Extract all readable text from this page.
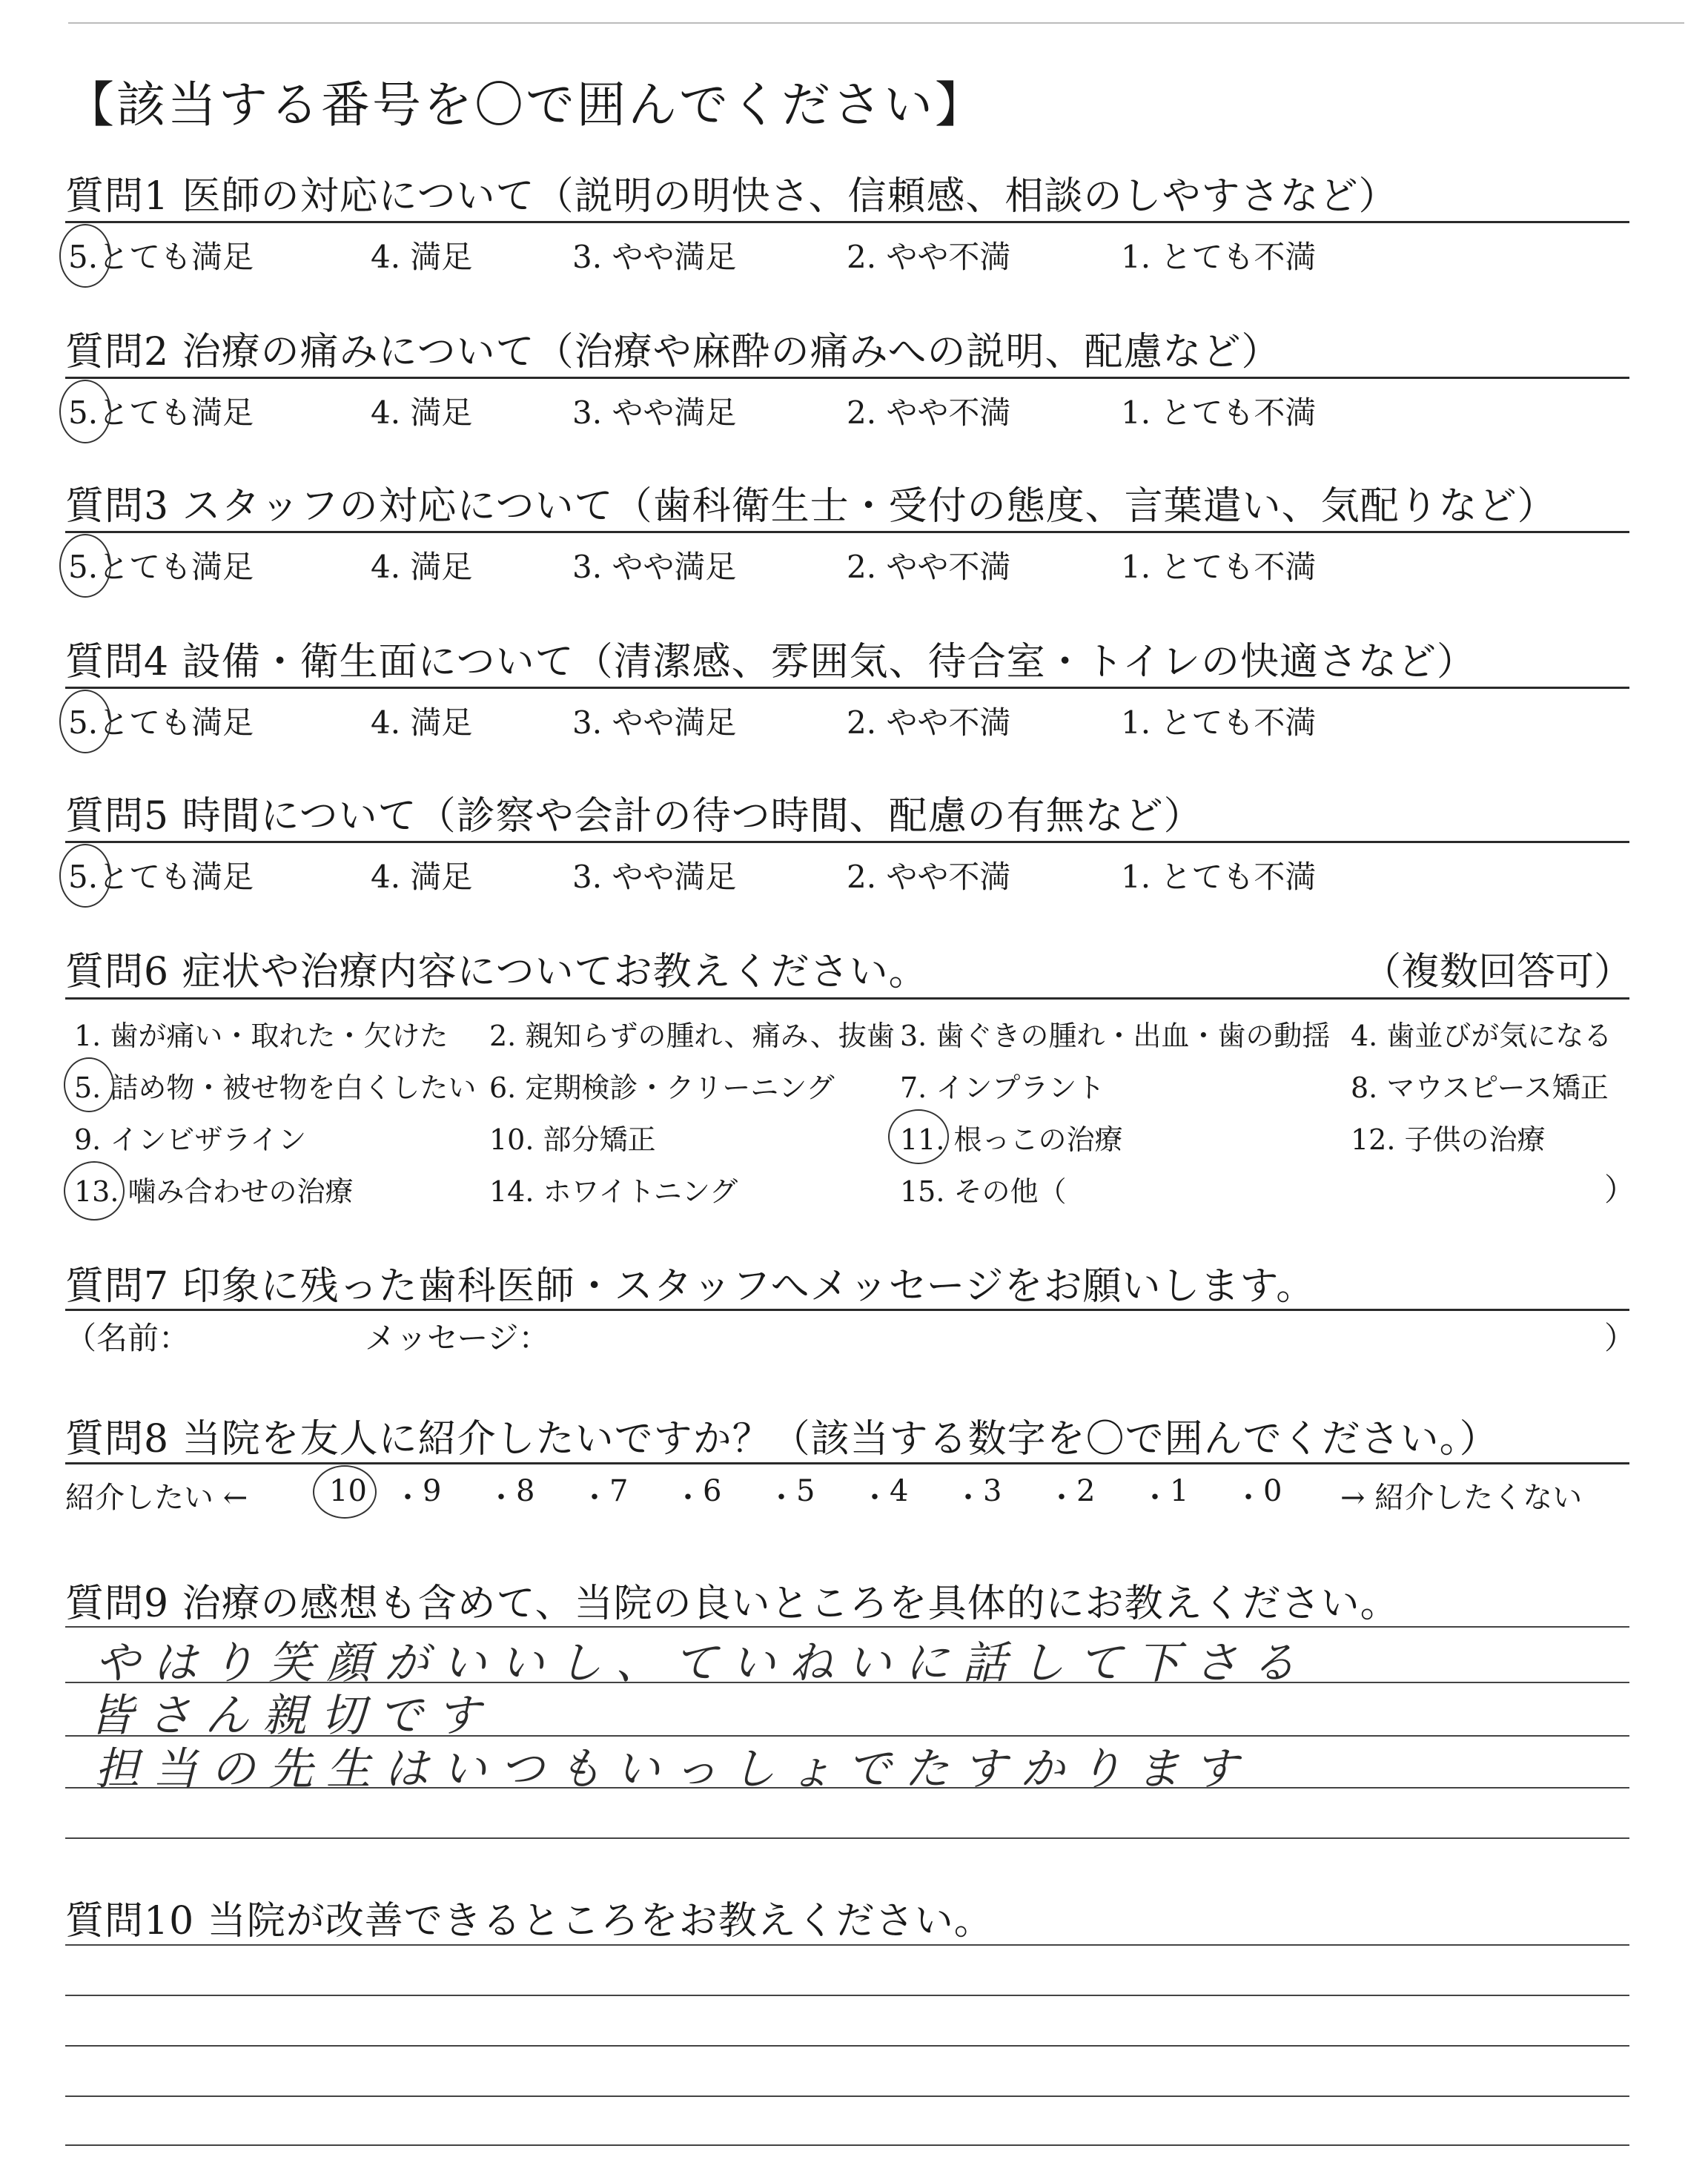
【該当する番号を〇で囲んでください】
質問1 医師の対応について（説明の明快さ、信頼感、相談のしやすさなど）
5.とても満足	4. 満足	3. やや満足	2. やや不満	1. とても不満
質問2 治療の痛みについて（治療や麻酔の痛みへの説明、配慮など）
5.とても満足	4. 満足	3. やや満足	2. やや不満	1. とても不満
質問3 スタッフの対応について（歯科衛生士・受付の態度、言葉遣い、気配りなど）
5.とても満足	4. 満足	3. やや満足	2. やや不満	1. とても不満
質問4 設備・衛生面について（清潔感、雰囲気、待合室・トイレの快適さなど）
5.とても満足	4. 満足	3. やや満足	2. やや不満	1. とても不満
質問5 時間について（診察や会計の待つ時間、配慮の有無など）
5.とても満足	4. 満足	3. やや満足	2. やや不満	1. とても不満
質問6 症状や治療内容についてお教えください。	（複数回答可）
1. 歯が痛い・取れた・欠けた 2. 親知らずの腫れ、痛み、抜歯 3. 歯ぐきの腫れ・出血・歯の動揺 4. 歯並びが気になる
5. 詰め物・被せ物を白くしたい 6. 定期検診・クリーニング 7. インプラント	8. マウスピース矯正
9. インビザライン	10. 部分矯正	11. 根っこの治療	12. 子供の治療
13. 噛み合わせの治療	14. ホワイトニング	15. その他（	）
質問7 印象に残った歯科医師・スタッフへメッセージをお願いします。
（名前：	メッセージ：	）
質問8 当院を友人に紹介したいですか？（該当する数字を〇で囲んでください。）
紹介したい ←	10 ・ 9 ・ 8 ・ 7 ・ 6 ・ 5 ・ 4 ・ 3 ・ 2 ・ 1 ・ 0 → 紹介したくない
質問9 治療の感想も含めて、当院の良いところを具体的にお教えください。
やはり笑顔がいいし、ていねいに話して下さる
皆さん親切です
担当の先生はいつもいっしょでたすかります
質問10 当院が改善できるところをお教えください。
